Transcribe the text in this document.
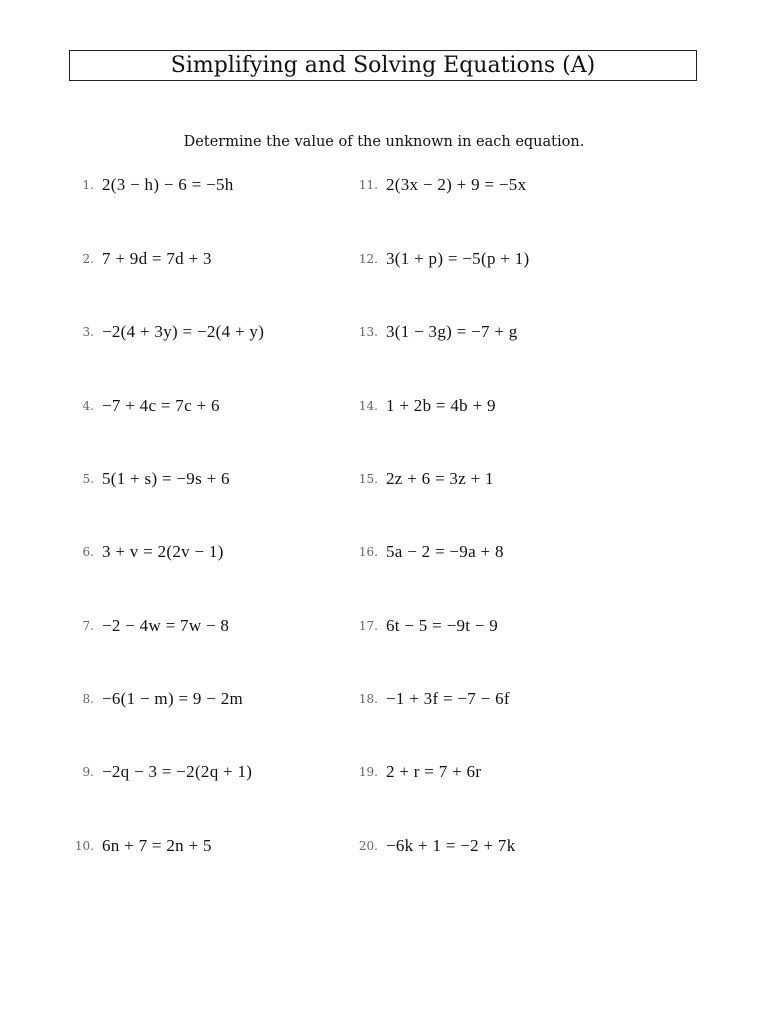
Simplifying and Solving Equations (A)
Determine the value of the unknown in each equation.
1. 2(3 − h) − 6 = −5h
2. 7 + 9d = 7d + 3
3. −2(4 + 3y) = −2(4 + y)
4. −7 + 4c = 7c + 6
5. 5(1 + s) = −9s + 6
6. 3 + v = 2(2v − 1)
7. −2 − 4w = 7w − 8
8. −6(1 − m) = 9 − 2m
9. −2q − 3 = −2(2q + 1)
10. 6n + 7 = 2n + 5
11. 2(3x − 2) + 9 = −5x
12. 3(1 + p) = −5(p + 1)
13. 3(1 − 3g) = −7 + g
14. 1 + 2b = 4b + 9
15. 2z + 6 = 3z + 1
16. 5a − 2 = −9a + 8
17. 6t − 5 = −9t − 9
18. −1 + 3f = −7 − 6f
19. 2 + r = 7 + 6r
20. −6k + 1 = −2 + 7k
